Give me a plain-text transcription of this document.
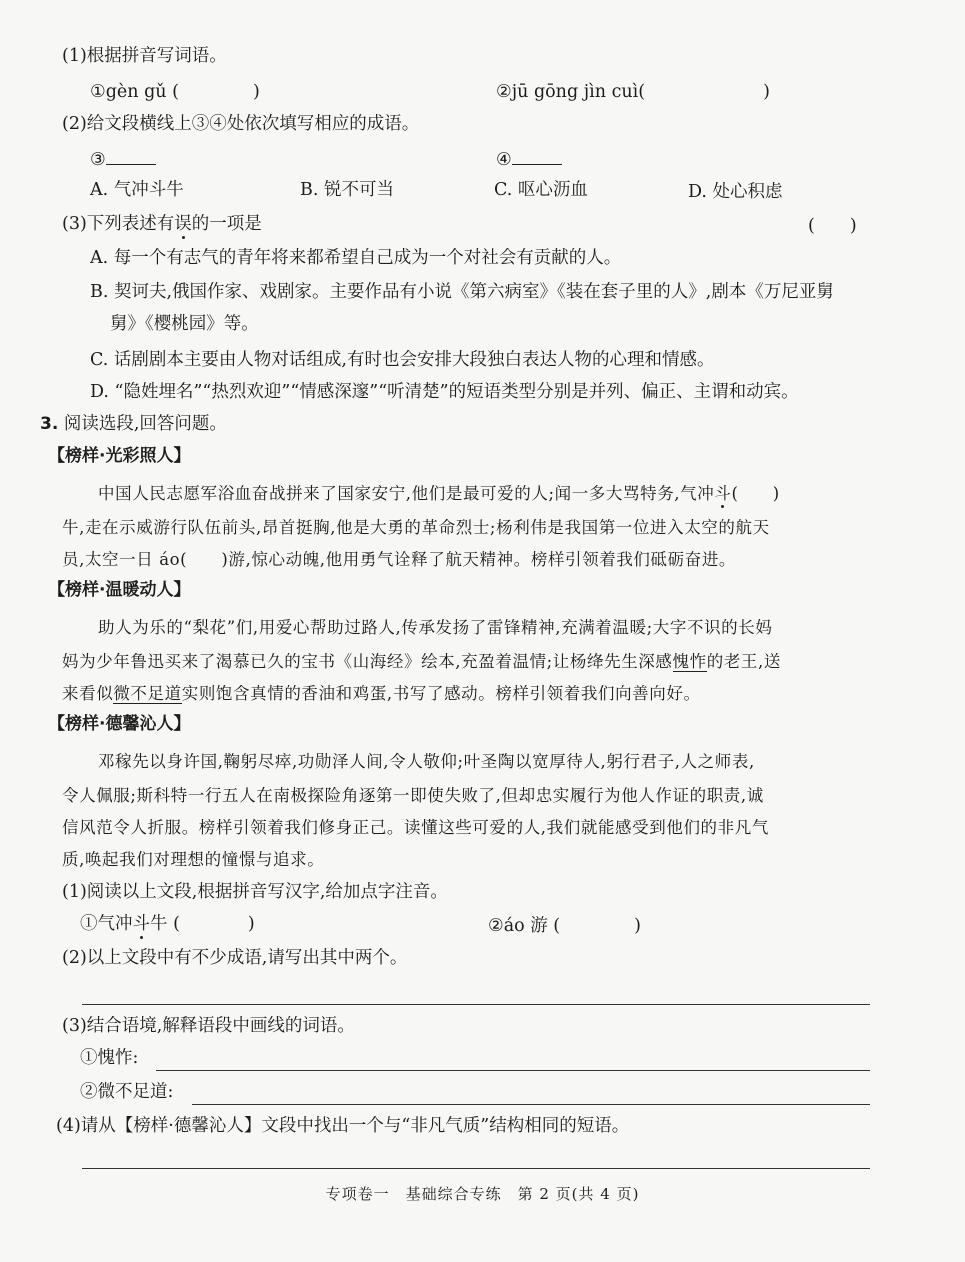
(1)根据拼音写词语。
①gèn gǔ (	)	②jū gōng jìn cuì(	)
(2)给文段横线上③④处依次填写相应的成语。
③	④
A. 气冲斗牛	B. 锐不可当	C. 呕心沥血	D. 处心积虑
(3)下列表述有误的一项是	(　　)
A. 每一个有志气的青年将来都希望自己成为一个对社会有贡献的人。
B. 契诃夫,俄国作家、戏剧家。主要作品有小说《第六病室》《装在套子里的人》,剧本《万尼亚舅
舅》《樱桃园》等。
C. 话剧剧本主要由人物对话组成,有时也会安排大段独白表达人物的心理和情感。
D. “隐姓埋名”“热烈欢迎”“情感深邃”“听清楚”的短语类型分别是并列、偏正、主谓和动宾。
3. 阅读选段,回答问题。
【榜样·光彩照人】
中国人民志愿军浴血奋战拼来了国家安宁,他们是最可爱的人;闻一多大骂特务,气冲斗(　　)
牛,走在示威游行队伍前头,昂首挺胸,他是大勇的革命烈士;杨利伟是我国第一位进入太空的航天
员,太空一日 áo(　　)游,惊心动魄,他用勇气诠释了航天精神。榜样引领着我们砥砺奋进。
【榜样·温暖动人】
助人为乐的“梨花”们,用爱心帮助过路人,传承发扬了雷锋精神,充满着温暖;大字不识的长妈
妈为少年鲁迅买来了渴慕已久的宝书《山海经》绘本,充盈着温情;让杨绛先生深感愧怍的老王,送
来看似微不足道实则饱含真情的香油和鸡蛋,书写了感动。榜样引领着我们向善向好。
【榜样·德馨沁人】
邓稼先以身许国,鞠躬尽瘁,功勋泽人间,令人敬仰;叶圣陶以宽厚待人,躬行君子,人之师表,
令人佩服;斯科特一行五人在南极探险角逐第一即使失败了,但却忠实履行为他人作证的职责,诚
信风范令人折服。榜样引领着我们修身正己。读懂这些可爱的人,我们就能感受到他们的非凡气
质,唤起我们对理想的憧憬与追求。
(1)阅读以上文段,根据拼音写汉字,给加点字注音。
①气冲斗牛 (	)	②áo 游 (	)
(2)以上文段中有不少成语,请写出其中两个。
(3)结合语境,解释语段中画线的词语。
①愧怍:
②微不足道:
(4)请从【榜样·德馨沁人】文段中找出一个与“非凡气质”结构相同的短语。
专项卷一　基础综合专练　第 2 页(共 4 页)
